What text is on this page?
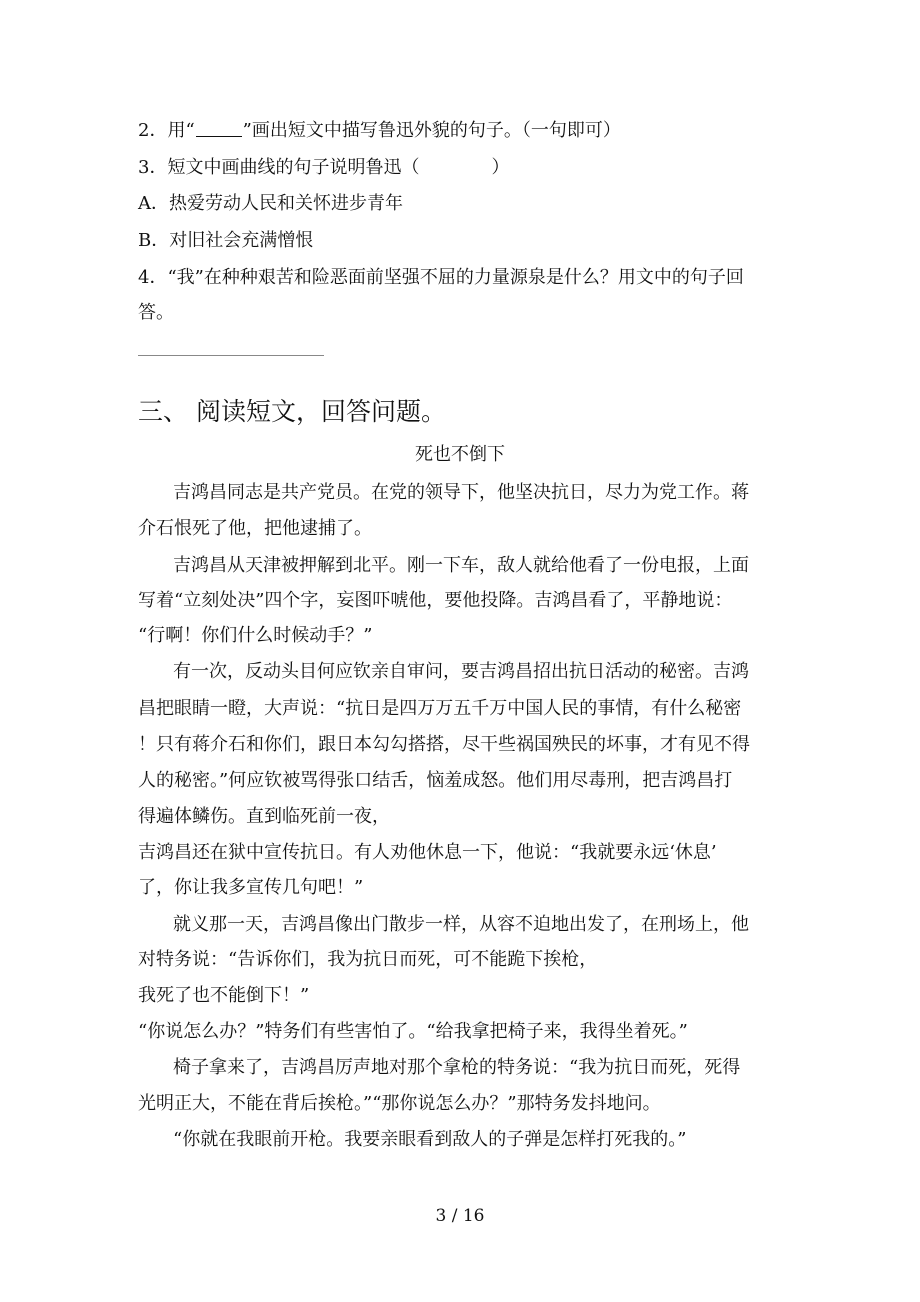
2．用“	”画出短文中描写鲁迅外貌的句子。（一句即可）
3．短文中画曲线的句子说明鲁迅（　　　　）
A．热爱劳动人民和关怀进步青年
B．对旧社会充满憎恨
4．“我”在种种艰苦和险恶面前坚强不屈的力量源泉是什么？用文中的句子回
答。
三、 阅读短文，回答问题。
死也不倒下
吉鸿昌同志是共产党员。在党的领导下，他坚决抗日，尽力为党工作。蒋
介石恨死了他，把他逮捕了。
吉鸿昌从天津被押解到北平。刚一下车，敌人就给他看了一份电报，上面
写着“立刻处决”四个字，妄图吓唬他，要他投降。吉鸿昌看了，平静地说：
“行啊！你们什么时候动手？”
有一次，反动头目何应钦亲自审问，要吉鸿昌招出抗日活动的秘密。吉鸿
昌把眼睛一瞪，大声说：“抗日是四万万五千万中国人民的事情，有什么秘密
！只有蒋介石和你们，跟日本勾勾搭搭，尽干些祸国殃民的坏事，才有见不得
人的秘密。”何应钦被骂得张口结舌，恼羞成怒。他们用尽毒刑，把吉鸿昌打
得遍体鳞伤。直到临死前一夜，
吉鸿昌还在狱中宣传抗日。有人劝他休息一下，他说：“我就要永远‘休息’
了，你让我多宣传几句吧！”
就义那一天，吉鸿昌像出门散步一样，从容不迫地出发了，在刑场上，他
对特务说：“告诉你们，我为抗日而死，可不能跪下挨枪，
我死了也不能倒下！”
“你说怎么办？”特务们有些害怕了。“给我拿把椅子来，我得坐着死。”
椅子拿来了，吉鸿昌厉声地对那个拿枪的特务说：“我为抗日而死，死得
光明正大，不能在背后挨枪。”“那你说怎么办？”那特务发抖地问。
“你就在我眼前开枪。我要亲眼看到敌人的子弹是怎样打死我的。”
3 / 16
